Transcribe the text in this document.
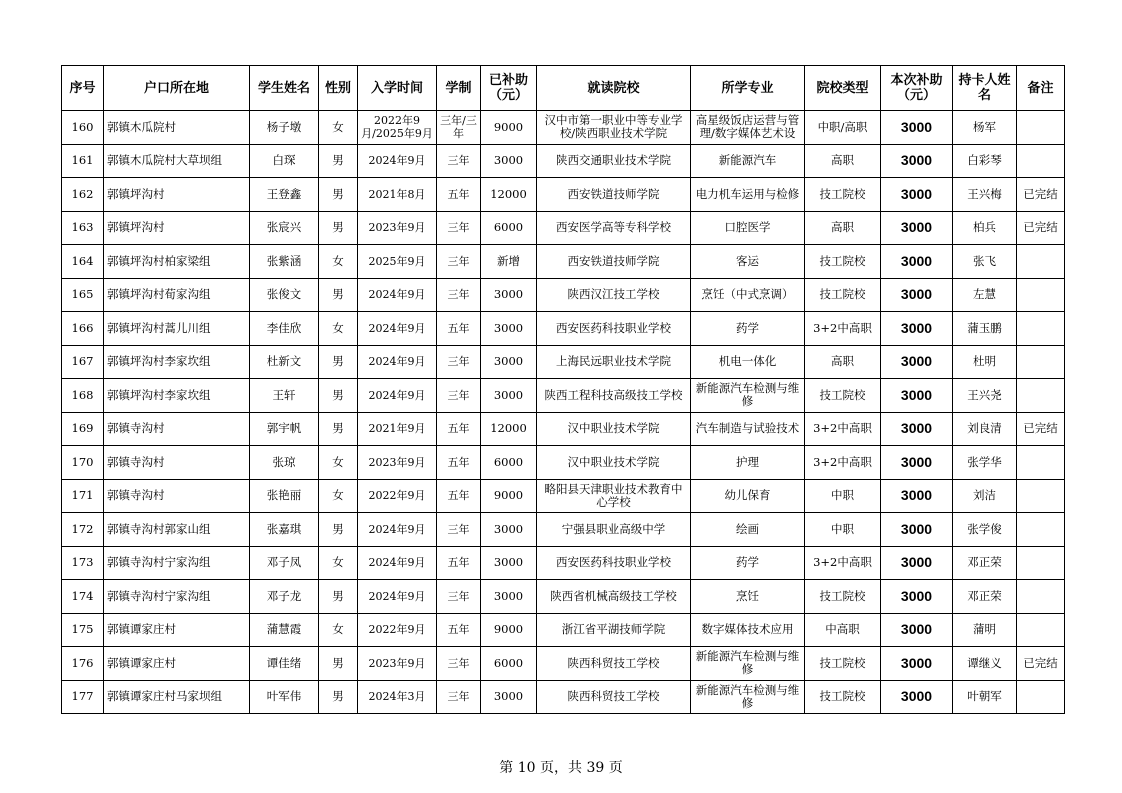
序号	户口所在地	学生姓名	性别	入学时间	学制	已补助（元）	就读院校	所学专业	院校类型	本次补助（元）	持卡人姓名	备注
160	郭镇木瓜院村	杨子墩	女	2022年9月/2025年9月	三年/三年	9000	汉中市第一职业中等专业学校/陕西职业技术学院	高星级饭店运营与管理/数字媒体艺术设	中职/高职	3000	杨军	
161	郭镇木瓜院村大草坝组	白琛	男	2024年9月	三年	3000	陕西交通职业技术学院	新能源汽车	高职	3000	白彩琴	
162	郭镇坪沟村	王登鑫	男	2021年8月	五年	12000	西安铁道技师学院	电力机车运用与检修	技工院校	3000	王兴梅	已完结
163	郭镇坪沟村	张宸兴	男	2023年9月	三年	6000	西安医学高等专科学校	口腔医学	高职	3000	柏兵	已完结
164	郭镇坪沟村柏家梁组	张紫涵	女	2025年9月	三年	新增	西安铁道技师学院	客运	技工院校	3000	张飞	
165	郭镇坪沟村荀家沟组	张俊文	男	2024年9月	三年	3000	陕西汉江技工学校	烹饪（中式烹调）	技工院校	3000	左慧	
166	郭镇坪沟村蒿儿川组	李佳欣	女	2024年9月	五年	3000	西安医药科技职业学校	药学	3+2中高职	3000	蒲玉鹏	
167	郭镇坪沟村李家坎组	杜新文	男	2024年9月	三年	3000	上海民远职业技术学院	机电一体化	高职	3000	杜明	
168	郭镇坪沟村李家坎组	王轩	男	2024年9月	三年	3000	陕西工程科技高级技工学校	新能源汽车检测与维修	技工院校	3000	王兴尧	
169	郭镇寺沟村	郭宇帆	男	2021年9月	五年	12000	汉中职业技术学院	汽车制造与试验技术	3+2中高职	3000	刘良清	已完结
170	郭镇寺沟村	张琼	女	2023年9月	五年	6000	汉中职业技术学院	护理	3+2中高职	3000	张学华	
171	郭镇寺沟村	张艳丽	女	2022年9月	五年	9000	略阳县天津职业技术教育中心学校	幼儿保育	中职	3000	刘洁	
172	郭镇寺沟村郭家山组	张嘉琪	男	2024年9月	三年	3000	宁强县职业高级中学	绘画	中职	3000	张学俊	
173	郭镇寺沟村宁家沟组	邓子凤	女	2024年9月	五年	3000	西安医药科技职业学校	药学	3+2中高职	3000	邓正荣	
174	郭镇寺沟村宁家沟组	邓子龙	男	2024年9月	三年	3000	陕西省机械高级技工学校	烹饪	技工院校	3000	邓正荣	
175	郭镇谭家庄村	蒲慧霞	女	2022年9月	五年	9000	浙江省平湖技师学院	数字媒体技术应用	中高职	3000	蒲明	
176	郭镇谭家庄村	谭佳绪	男	2023年9月	三年	6000	陕西科贸技工学校	新能源汽车检测与维修	技工院校	3000	谭继义	已完结
177	郭镇谭家庄村马家坝组	叶军伟	男	2024年3月	三年	3000	陕西科贸技工学校	新能源汽车检测与维修	技工院校	3000	叶朝军	
第 10 页，共 39 页
